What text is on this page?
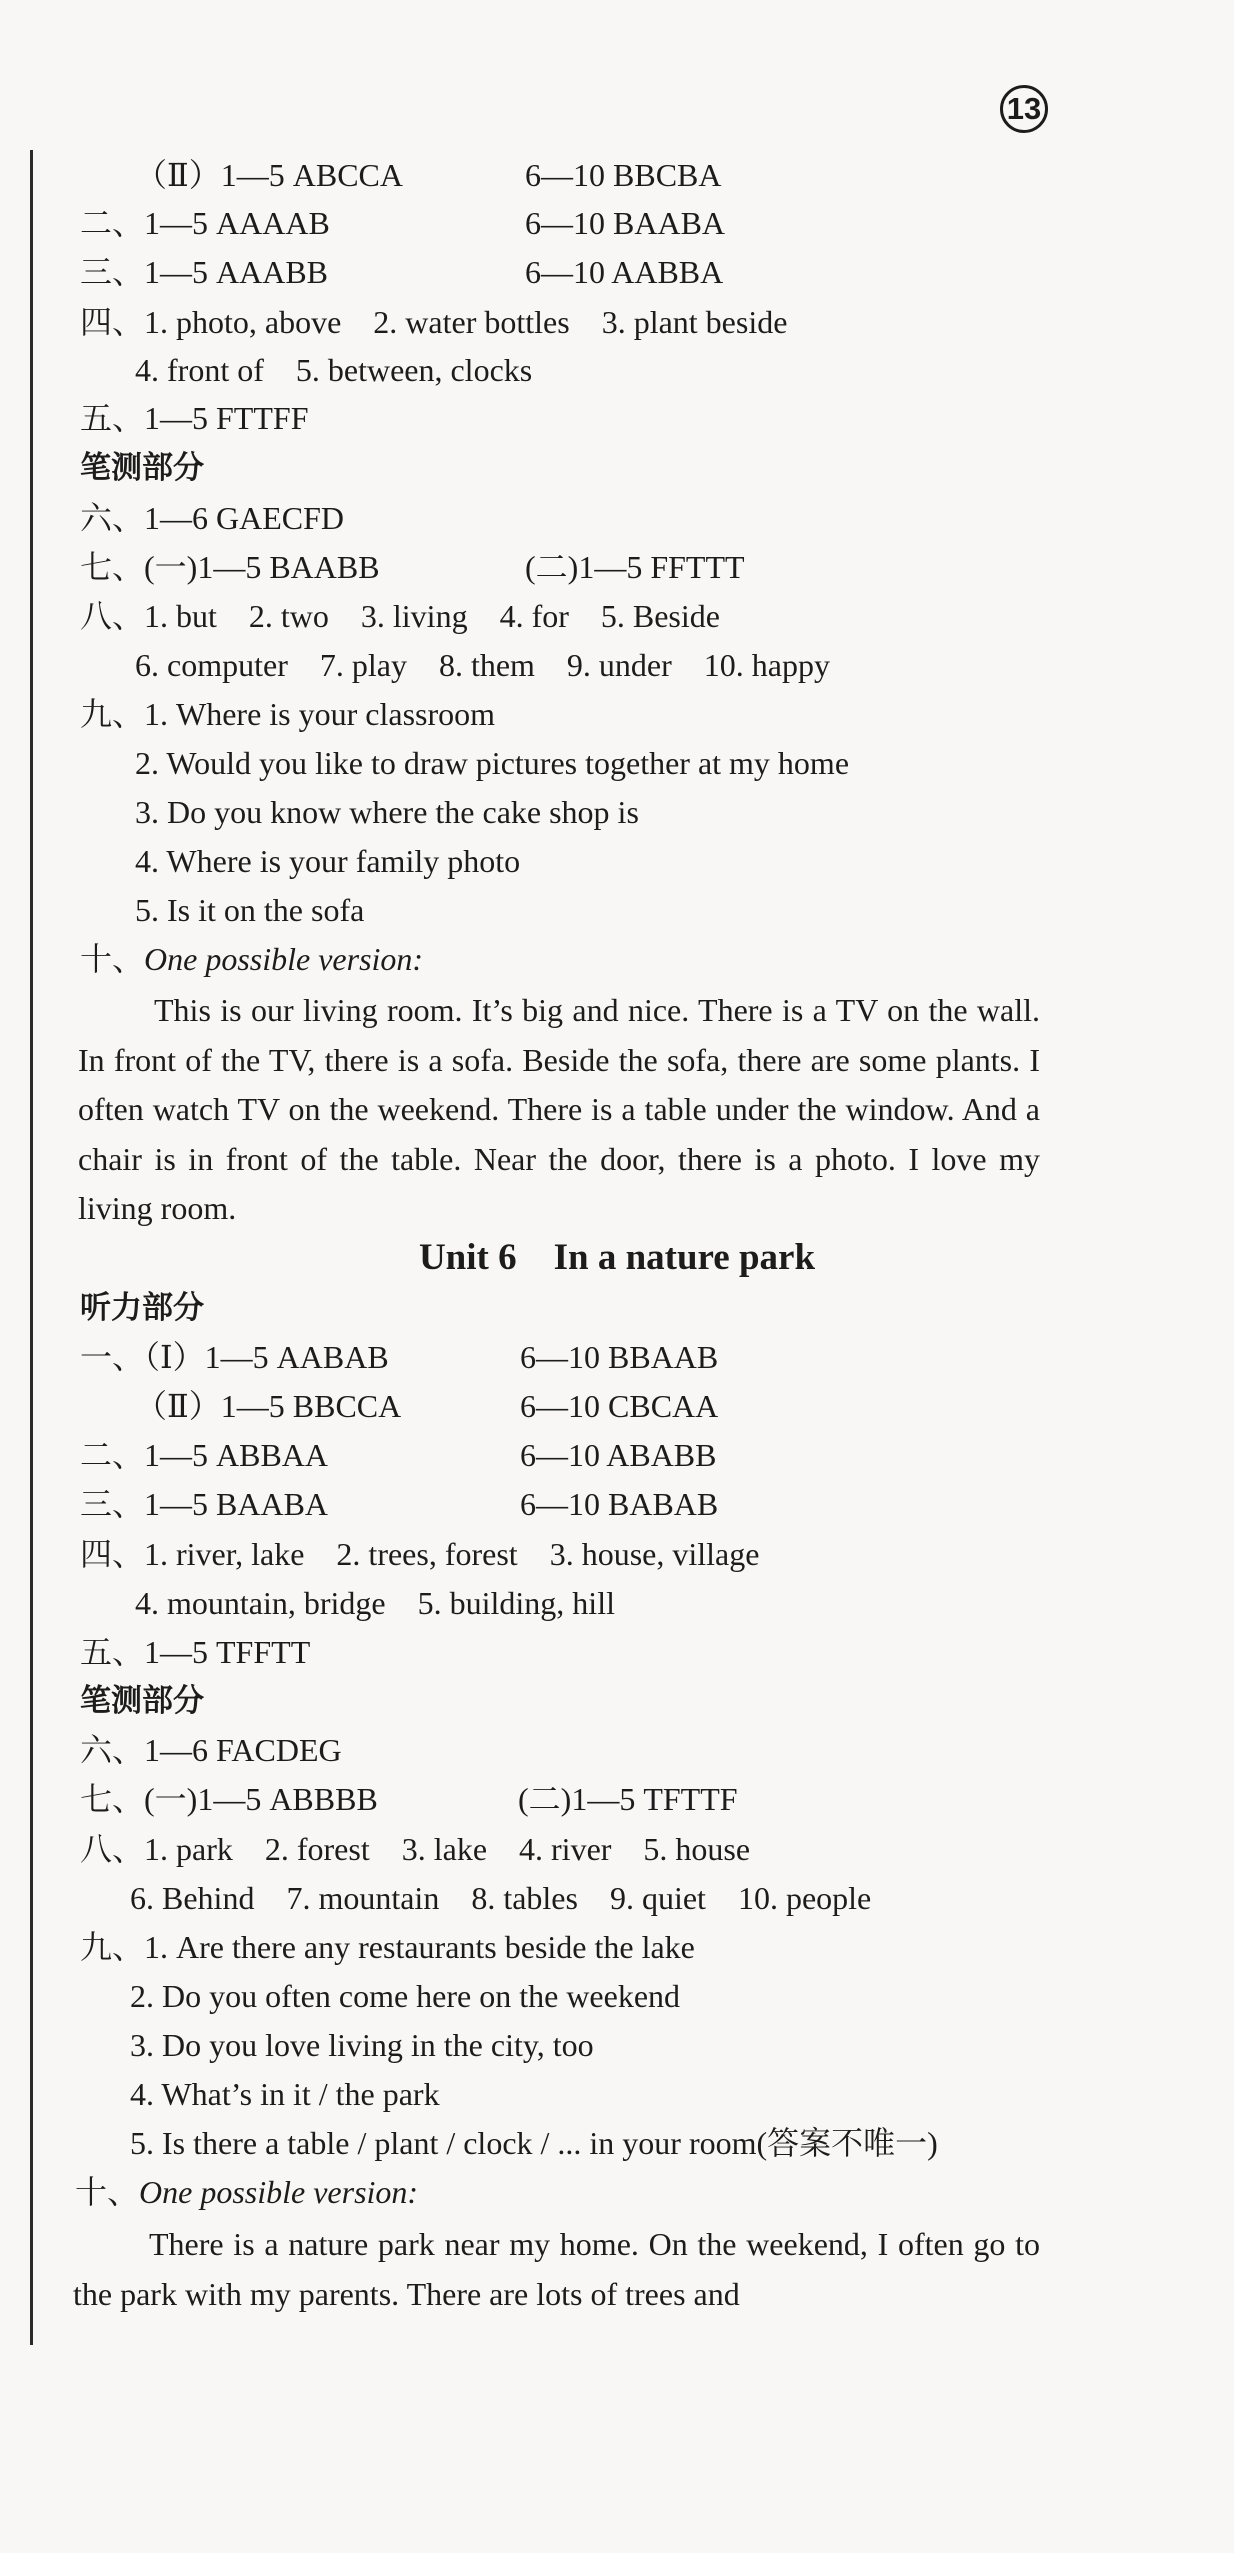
13
（Ⅱ）1—5 ABCCA	6—10 BBCBA
二、1—5 AAAAB	6—10 BAABA
三、1—5 AAABB	6—10 AABBA
四、1. photo, above    2. water bottles    3. plant beside
4. front of    5. between, clocks
五、1—5 FTTFF
笔测部分
六、1—6 GAECFD
七、(一)1—5 BAABB	(二)1—5 FFTTT
八、1. but    2. two    3. living    4. for    5. Beside
6. computer    7. play    8. them    9. under    10. happy
九、1. Where is your classroom
2. Would you like to draw pictures together at my home
3. Do you know where the cake shop is
4. Where is your family photo
5. Is it on the sofa
十、One possible version:

This is our living room. It’s big and nice. There is a TV on the wall. In front of the TV, there is a sofa. Beside the sofa, there are some plants. I often watch TV on the weekend. There is a table under the window. And a chair is in front of the table. Near the door, there is a photo. I love my living room.

Unit 6    In a nature park
听力部分
一、（Ⅰ）1—5 AABAB	6—10 BBAAB
（Ⅱ）1—5 BBCCA	6—10 CBCAA
二、1—5 ABBAA	6—10 ABABB
三、1—5 BAABA	6—10 BABAB
四、1. river, lake    2. trees, forest    3. house, village
4. mountain, bridge    5. building, hill
五、1—5 TFFTT
笔测部分
六、1—6 FACDEG
七、(一)1—5 ABBBB	(二)1—5 TFTTF
八、1. park    2. forest    3. lake    4. river    5. house
6. Behind    7. mountain    8. tables    9. quiet    10. people
九、1. Are there any restaurants beside the lake
2. Do you often come here on the weekend
3. Do you love living in the city, too
4. What’s in it / the park
5. Is there a table / plant / clock / ... in your room(答案不唯一)
十、One possible version:

There is a nature park near my home. On the weekend, I often go to the park with my parents. There are lots of trees and
